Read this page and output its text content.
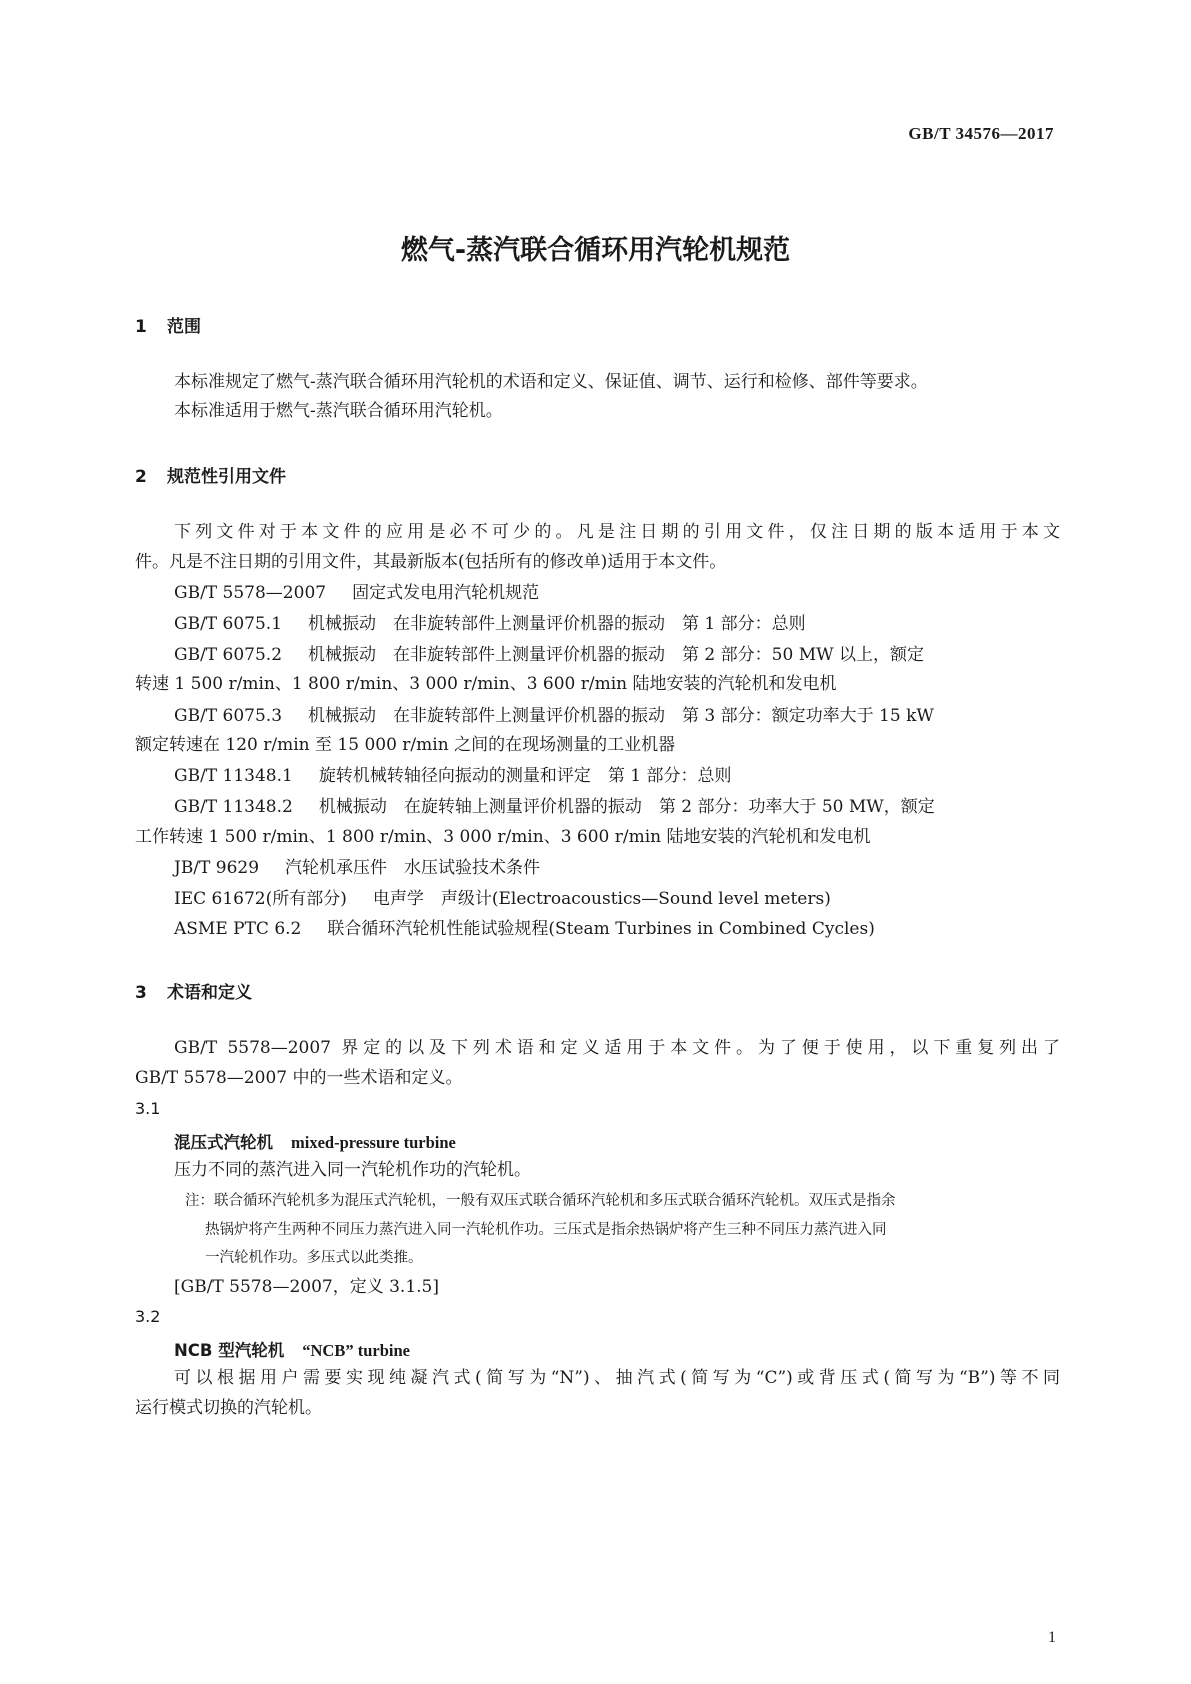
GB/T 34576—2017
燃气-蒸汽联合循环用汽轮机规范
1 范围
本标准规定了燃气-蒸汽联合循环用汽轮机的术语和定义、保证值、调节、运行和检修、部件等要求。
本标准适用于燃气-蒸汽联合循环用汽轮机。
2 规范性引用文件
下列文件对于本文件的应用是必不可少的。凡是注日期的引用文件，仅注日期的版本适用于本文
件。凡是不注日期的引用文件，其最新版本(包括所有的修改单)适用于本文件。
GB/T 5578—2007 固定式发电用汽轮机规范
GB/T 6075.1 机械振动　在非旋转部件上测量评价机器的振动　第 1 部分：总则
GB/T 6075.2 机械振动　在非旋转部件上测量评价机器的振动　第 2 部分：50 MW 以上，额定
转速 1 500 r/min、1 800 r/min、3 000 r/min、3 600 r/min 陆地安装的汽轮机和发电机
GB/T 6075.3 机械振动　在非旋转部件上测量评价机器的振动　第 3 部分：额定功率大于 15 kW
额定转速在 120 r/min 至 15 000 r/min 之间的在现场测量的工业机器
GB/T 11348.1 旋转机械转轴径向振动的测量和评定　第 1 部分：总则
GB/T 11348.2 机械振动　在旋转轴上测量评价机器的振动　第 2 部分：功率大于 50 MW，额定
工作转速 1 500 r/min、1 800 r/min、3 000 r/min、3 600 r/min 陆地安装的汽轮机和发电机
JB/T 9629 汽轮机承压件　水压试验技术条件
IEC 61672(所有部分) 电声学　声级计(Electroacoustics—Sound level meters)
ASME PTC 6.2 联合循环汽轮机性能试验规程(Steam Turbines in Combined Cycles)
3 术语和定义
GB/T 5578—2007 界定的以及下列术语和定义适用于本文件。为了便于使用，以下重复列出了
GB/T 5578—2007 中的一些术语和定义。
3.1
混压式汽轮机 mixed-pressure turbine
压力不同的蒸汽进入同一汽轮机作功的汽轮机。
注：联合循环汽轮机多为混压式汽轮机，一般有双压式联合循环汽轮机和多压式联合循环汽轮机。双压式是指余
热锅炉将产生两种不同压力蒸汽进入同一汽轮机作功。三压式是指余热锅炉将产生三种不同压力蒸汽进入同
一汽轮机作功。多压式以此类推。
[GB/T 5578—2007，定义 3.1.5]
3.2
NCB 型汽轮机 “NCB” turbine
可以根据用户需要实现纯凝汽式(简写为“N”)、抽汽式(简写为“C”)或背压式(简写为“B”)等不同
运行模式切换的汽轮机。
1
